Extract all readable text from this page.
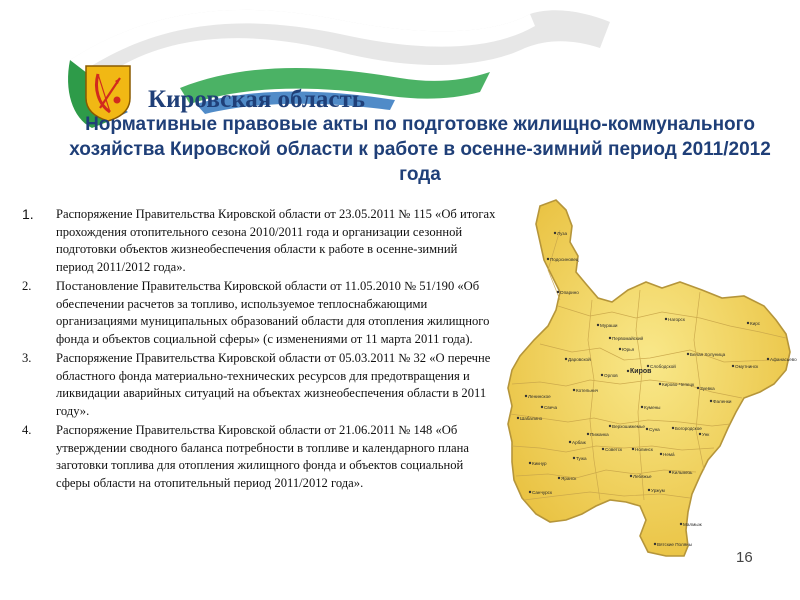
Кировская область
Нормативные правовые акты по подготовке жилищно-коммунального хозяйства Кировской области к работе в осенне-зимний период 2011/2012 года
1. Распоряжение Правительства Кировской области от 23.05.2011 № 115 «Об итогах прохождения отопительного сезона 2010/2011 года и организации сезонной подготовки объектов жизнеобеспечения области к работе в осенне-зимний период 2011/2012 года».
2. Постановление Правительства Кировской области от 11.05.2010 № 51/190 «Об обеспечении расчетов за топливо, используемое теплоснабжающими организациями муниципальных образований области для отопления жилищного фонда и объектов социальной сферы» (с изменениями от 11 марта 2011 года).
3. Распоряжение Правительства Кировской области от 05.03.2011 № 32 «О перечне областного фонда материально-технических ресурсов для предотвращения и ликвидации аварийных ситуаций на объектах жизнеобеспечения области в 2011 году».
4. Распоряжение Правительства Кировской области от 21.06.2011 № 148 «Об утверждении сводного баланса потребности в топливе и календарного плана заготовки топлива для отопления жилищного фонда и объектов социальной сферы области на отопительный период 2011/2012 года».
Луза
Подосиновец
Опарино
Мураши
Нагорск
Кирс
Первомайский
Юрья
Даровской
Слободской
Белая Холуница
Омутнинск
Афанасьево
Орлов
Киров
Кирово-Чепецк
Котельнич	Зуевка
Ленинское
Фаленки
Свеча
Верхошижемье
Кумены
Богородское
Шабалино
Унк
Арбаж
Суна
Пижанка
Советск	Нолинск
Немá
Тужа
Лебяжье
Кикнур
Яранск
Кильмезь
Уржум
Санчурск
Малмыж
Вятские Поляны
16
